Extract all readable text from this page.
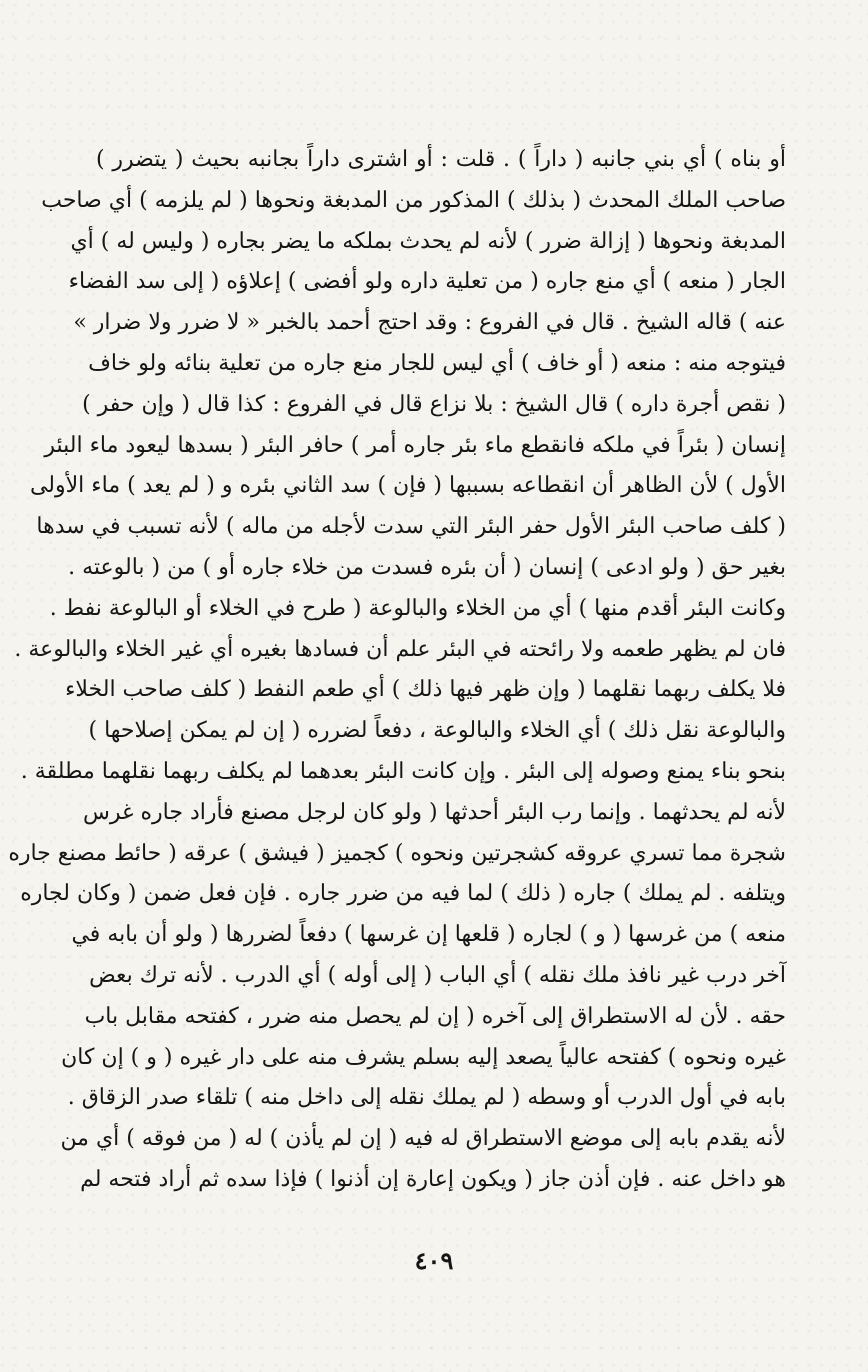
أو بناه ) أي بني جانبه ( داراً ) . قلت : أو اشترى داراً بجانبه بحيث ( يتضرر )
صاحب الملك المحدث ( بذلك ) المذكور من المدبغة ونحوها ( لم يلزمه ) أي صاحب
المدبغة ونحوها ( إزالة ضرر ) لأنه لم يحدث بملكه ما يضر بجاره ( وليس له ) أي
الجار ( منعه ) أي منع جاره ( من تعلية داره ولو أفضى ) إعلاؤه ( إلى سد الفضاء
عنه ) قاله الشيخ . قال في الفروع : وقد احتج أحمد بالخبر « لا ضرر ولا ضرار »
فيتوجه منه : منعه ( أو خاف ) أي ليس للجار منع جاره من تعلية بنائه ولو خاف
( نقص أجرة داره ) قال الشيخ : بلا نزاع قال في الفروع : كذا قال ( وإن حفر )
إنسان ( بئراً في ملكه فانقطع ماء بئر جاره أمر ) حافر البئر ( بسدها ليعود ماء البئر
الأول ) لأن الظاهر أن انقطاعه بسببها ( فإن ) سد الثاني بئره و ( لم يعد ) ماء الأولى
( كلف صاحب البئر الأول حفر البئر التي سدت لأجله من ماله ) لأنه تسبب في سدها
بغير حق ( ولو ادعى ) إنسان ( أن بئره فسدت من خلاء جاره أو ) من ( بالوعته .
وكانت البئر أقدم منها ) أي من الخلاء والبالوعة ( طرح في الخلاء أو البالوعة نفط .
فان لم يظهر طعمه ولا رائحته في البئر علم أن فسادها بغيره أي غير الخلاء والبالوعة .
فلا يكلف ربهما نقلهما ( وإن ظهر فيها ذلك ) أي طعم النفط ( كلف صاحب الخلاء
والبالوعة نقل ذلك ) أي الخلاء والبالوعة ، دفعاً لضرره ( إن لم يمكن إصلاحها )
بنحو بناء يمنع وصوله إلى البئر . وإن كانت البئر بعدهما لم يكلف ربهما نقلهما مطلقة .
لأنه لم يحدثهما . وإنما رب البئر أحدثها ( ولو كان لرجل مصنع فأراد جاره غرس
شجرة مما تسري عروقه كشجرتين ونحوه ) كجميز ( فيشق ) عرقه ( حائط مصنع جاره
ويتلفه . لم يملك ) جاره ( ذلك ) لما فيه من ضرر جاره . فإن فعل ضمن ( وكان لجاره
منعه ) من غرسها ( و ) لجاره ( قلعها إن غرسها ) دفعاً لضررها ( ولو أن بابه في
آخر درب غير نافذ ملك نقله ) أي الباب ( إلى أوله ) أي الدرب . لأنه ترك بعض
حقه . لأن له الاستطراق إلى آخره ( إن لم يحصل منه ضرر ، كفتحه مقابل باب
غيره ونحوه ) كفتحه عالياً يصعد إليه بسلم يشرف منه على دار غيره ( و ) إن كان
بابه في أول الدرب أو وسطه ( لم يملك نقله إلى داخل منه ) تلقاء صدر الزقاق .
لأنه يقدم بابه إلى موضع الاستطراق له فيه ( إن لم يأذن ) له ( من فوقه ) أي من
هو داخل عنه . فإن أذن جاز ( ويكون إعارة إن أذنوا ) فإذا سده ثم أراد فتحه لم
٤٠٩
